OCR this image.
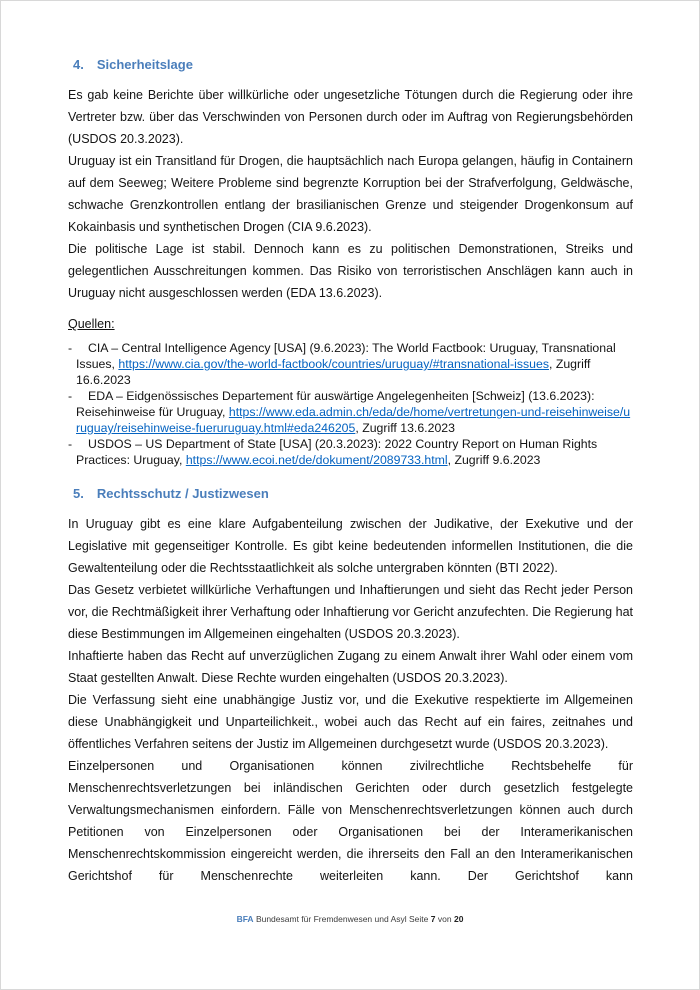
4. Sicherheitslage

Es gab keine Berichte über willkürliche oder ungesetzliche Tötungen durch die Regierung oder ihre Vertreter bzw. über das Verschwinden von Personen durch oder im Auftrag von Regierungsbehörden (USDOS 20.3.2023).

Uruguay ist ein Transitland für Drogen, die hauptsächlich nach Europa gelangen, häufig in Containern auf dem Seeweg; Weitere Probleme sind begrenzte Korruption bei der Strafverfolgung, Geldwäsche, schwache Grenzkontrollen entlang der brasilianischen Grenze und steigender Drogenkonsum auf Kokainbasis und synthetischen Drogen (CIA 9.6.2023).

Die politische Lage ist stabil. Dennoch kann es zu politischen Demonstrationen, Streiks und gelegentlichen Ausschreitungen kommen. Das Risiko von terroristischen Anschlägen kann auch in Uruguay nicht ausgeschlossen werden (EDA 13.6.2023).

Quellen:

- CIA – Central Intelligence Agency [USA] (9.6.2023): The World Factbook: Uruguay, Transnational Issues, https://www.cia.gov/the-world-factbook/countries/uruguay/#transnational-issues, Zugriff 16.6.2023
- EDA – Eidgenössisches Departement für auswärtige Angelegenheiten [Schweiz] (13.6.2023): Reisehinweise für Uruguay, https://www.eda.admin.ch/eda/de/home/vertretungen-und-reisehinweise/uruguay/reisehinweise-fueruruguay.html#eda246205, Zugriff 13.6.2023
- USDOS – US Department of State [USA] (20.3.2023): 2022 Country Report on Human Rights Practices: Uruguay, https://www.ecoi.net/de/dokument/2089733.html, Zugriff 9.6.2023
5. Rechtsschutz / Justizwesen

In Uruguay gibt es eine klare Aufgabenteilung zwischen der Judikative, der Exekutive und der Legislative mit gegenseitiger Kontrolle. Es gibt keine bedeutenden informellen Institutionen, die die Gewaltenteilung oder die Rechtsstaatlichkeit als solche untergraben könnten (BTI 2022).

Das Gesetz verbietet willkürliche Verhaftungen und Inhaftierungen und sieht das Recht jeder Person vor, die Rechtmäßigkeit ihrer Verhaftung oder Inhaftierung vor Gericht anzufechten. Die Regierung hat diese Bestimmungen im Allgemeinen eingehalten (USDOS 20.3.2023).

Inhaftierte haben das Recht auf unverzüglichen Zugang zu einem Anwalt ihrer Wahl oder einem vom Staat gestellten Anwalt. Diese Rechte wurden eingehalten (USDOS 20.3.2023).

Die Verfassung sieht eine unabhängige Justiz vor, und die Exekutive respektierte im Allgemeinen diese Unabhängigkeit und Unparteilichkeit., wobei auch das Recht auf ein faires, zeitnahes und öffentliches Verfahren seitens der Justiz im Allgemeinen durchgesetzt wurde (USDOS 20.3.2023).

Einzelpersonen und Organisationen können zivilrechtliche Rechtsbehelfe für Menschenrechtsverletzungen bei inländischen Gerichten oder durch gesetzlich festgelegte Verwaltungsmechanismen einfordern. Fälle von Menschenrechtsverletzungen können auch durch Petitionen von Einzelpersonen oder Organisationen bei der Interamerikanischen Menschenrechtskommission eingereicht werden, die ihrerseits den Fall an den Interamerikanischen Gerichtshof für Menschenrechte weiterleiten kann. Der Gerichtshof kann

BFA Bundesamt für Fremdenwesen und Asyl Seite 7 von 20
